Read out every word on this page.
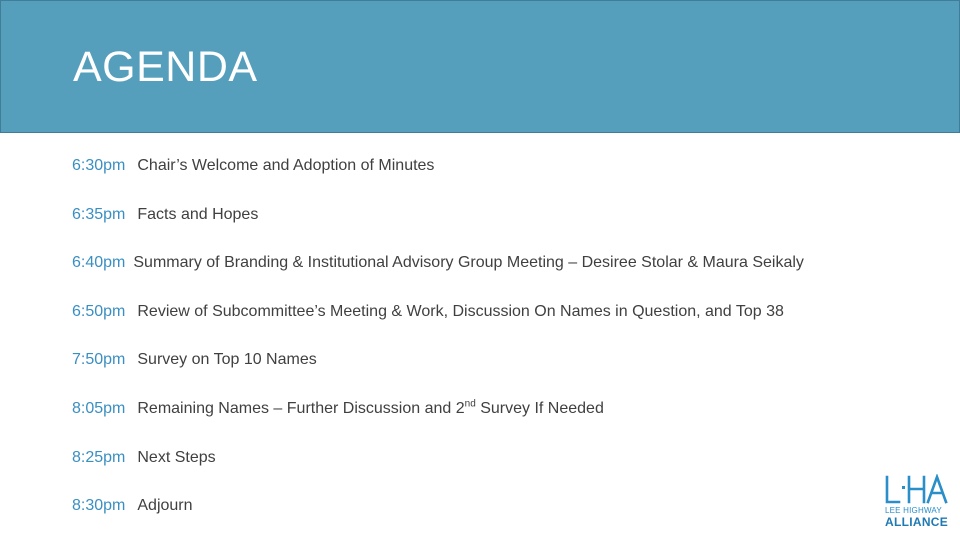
AGENDA
6:30pm Chair’s Welcome and Adoption of Minutes
6:35pm Facts and Hopes
6:40pm Summary of Branding & Institutional Advisory Group Meeting – Desiree Stolar & Maura Seikaly
6:50pm Review of Subcommittee’s Meeting & Work, Discussion On Names in Question, and Top 38
7:50pm Survey on Top 10 Names
8:05pm Remaining Names – Further Discussion and 2nd Survey If Needed
8:25pm Next Steps
8:30pm Adjourn	LEE HIGHWAY
ALLIANCE
